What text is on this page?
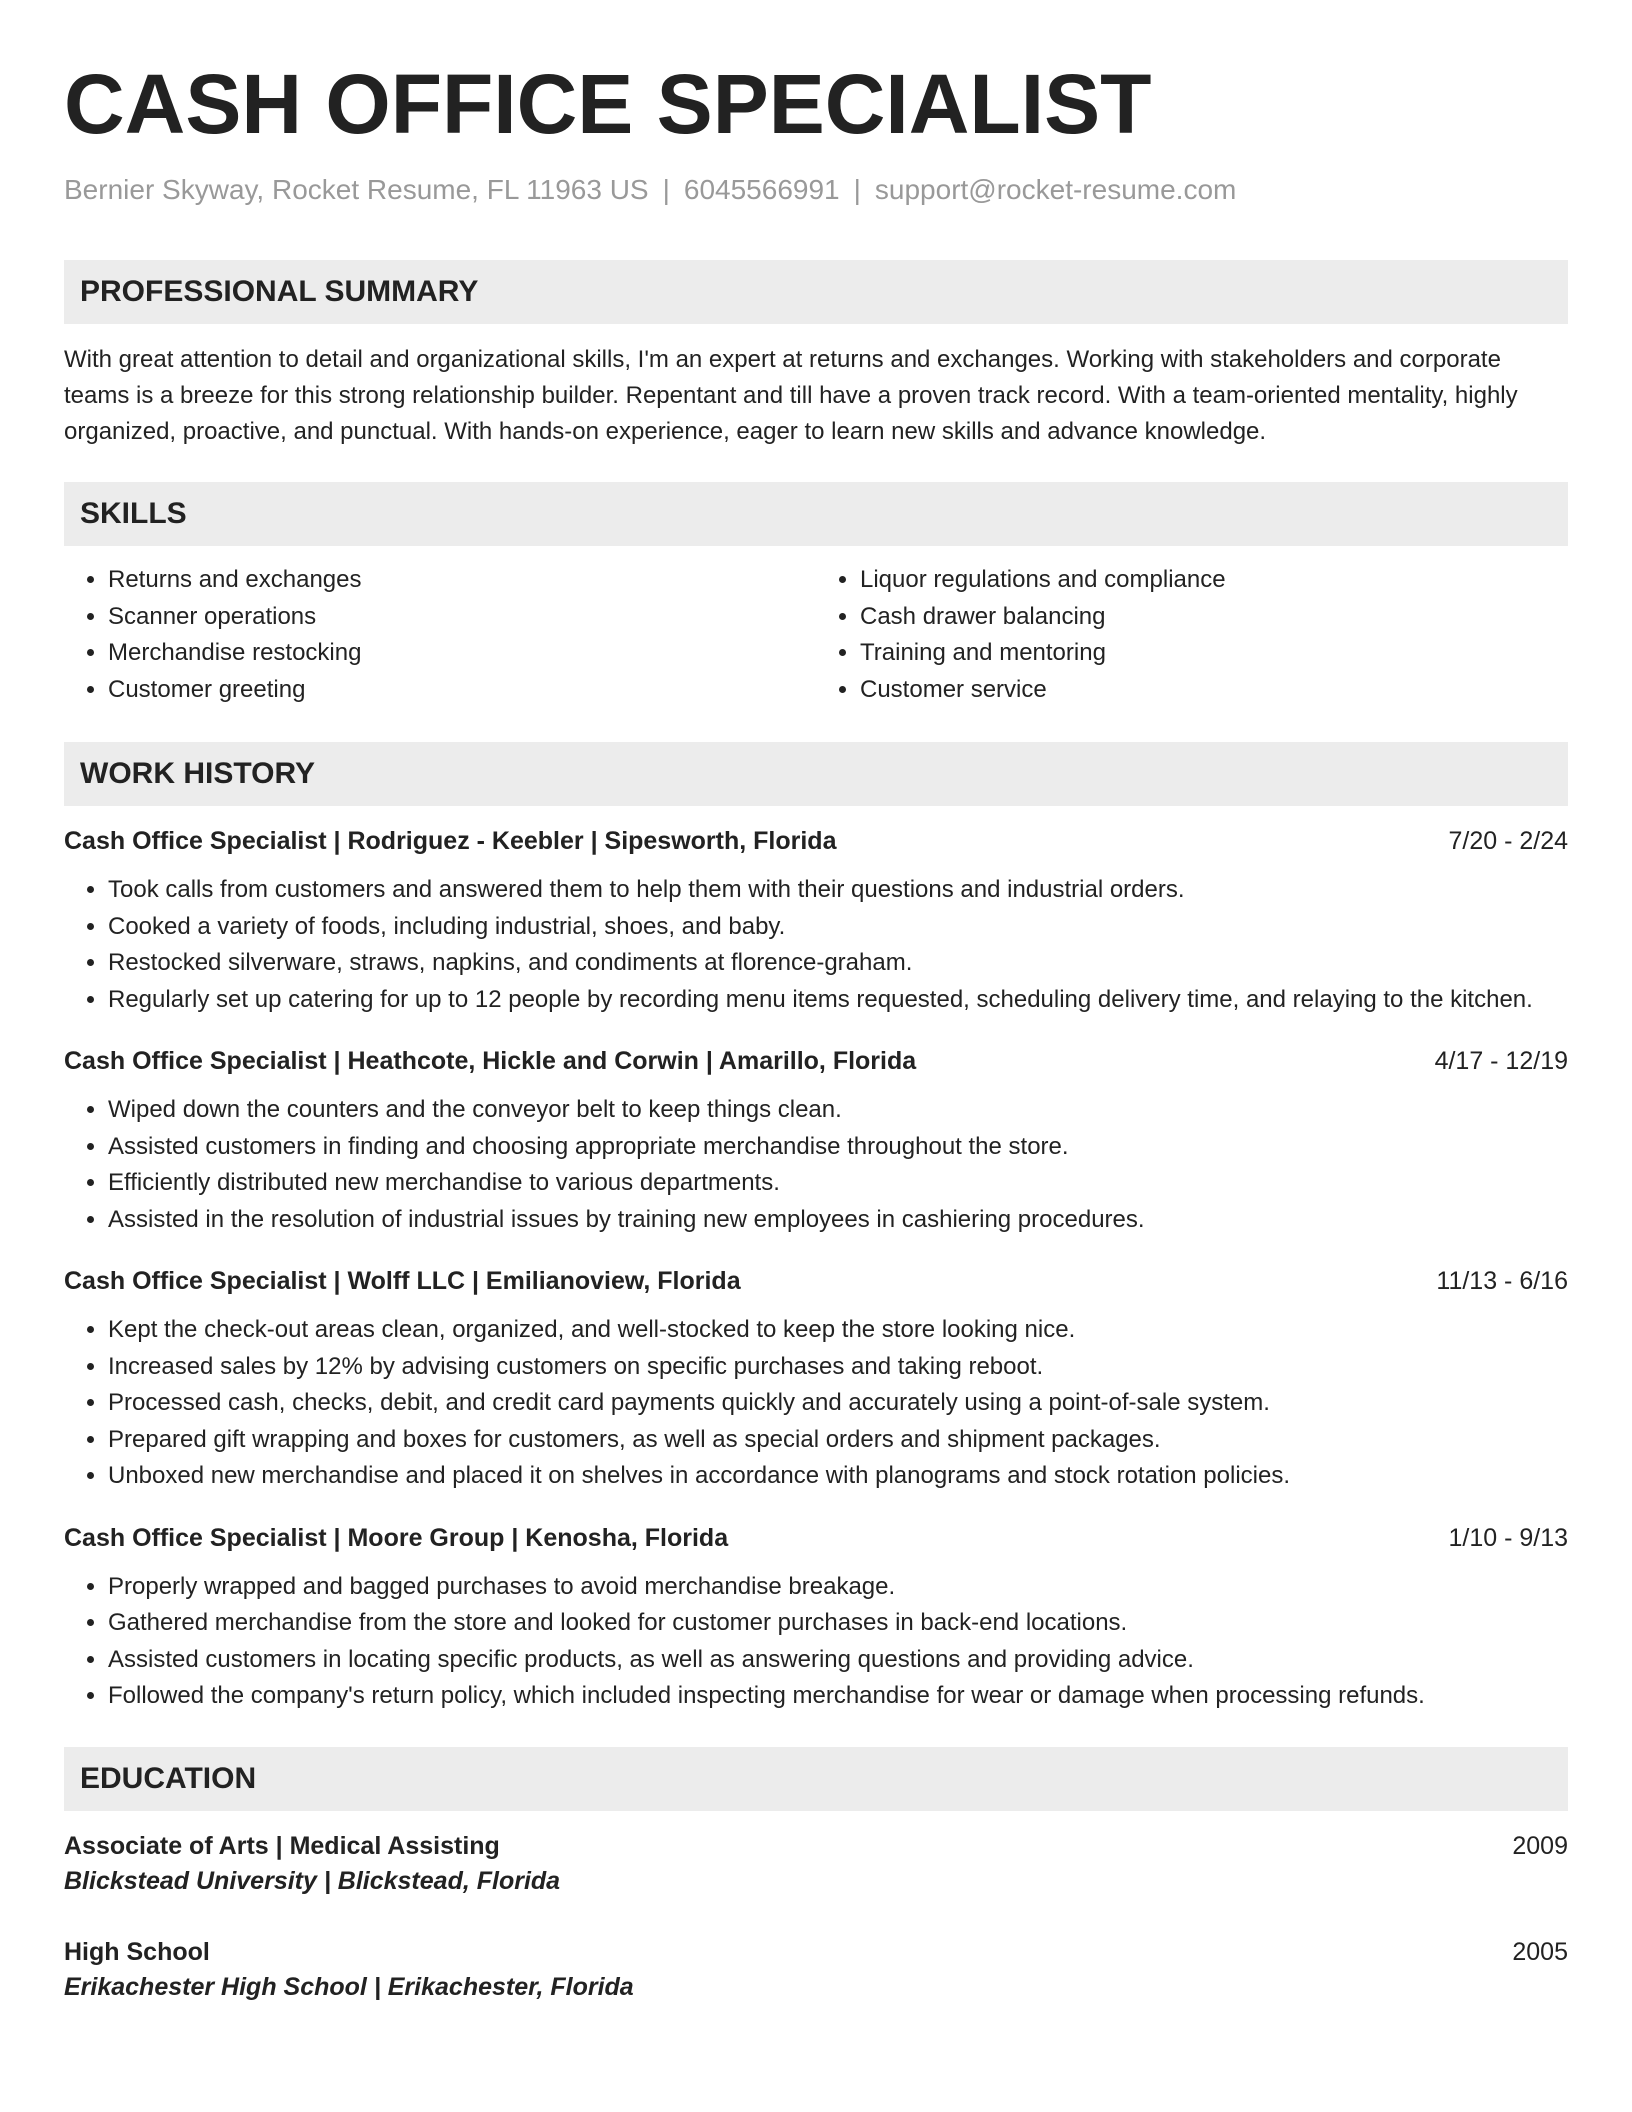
CASH OFFICE SPECIALIST
Bernier Skyway, Rocket Resume, FL 11963 US | 6045566991 | support@rocket-resume.com
PROFESSIONAL SUMMARY

With great attention to detail and organizational skills, I'm an expert at returns and exchanges. Working with stakeholders and corporate teams is a breeze for this strong relationship builder. Repentant and till have a proven track record. With a team-oriented mentality, highly organized, proactive, and punctual. With hands-on experience, eager to learn new skills and advance knowledge.

SKILLS
• Returns and exchanges
• Scanner operations
• Merchandise restocking
• Customer greeting
• Liquor regulations and compliance
• Cash drawer balancing
• Training and mentoring
• Customer service
WORK HISTORY
Cash Office Specialist | Rodriguez - Keebler | Sipesworth, Florida	7/20 - 2/24
• Took calls from customers and answered them to help them with their questions and industrial orders.
• Cooked a variety of foods, including industrial, shoes, and baby.
• Restocked silverware, straws, napkins, and condiments at florence-graham.
• Regularly set up catering for up to 12 people by recording menu items requested, scheduling delivery time, and relaying to the kitchen.
Cash Office Specialist | Heathcote, Hickle and Corwin | Amarillo, Florida	4/17 - 12/19
• Wiped down the counters and the conveyor belt to keep things clean.
• Assisted customers in finding and choosing appropriate merchandise throughout the store.
• Efficiently distributed new merchandise to various departments.
• Assisted in the resolution of industrial issues by training new employees in cashiering procedures.
Cash Office Specialist | Wolff LLC | Emilianoview, Florida	11/13 - 6/16
• Kept the check-out areas clean, organized, and well-stocked to keep the store looking nice.
• Increased sales by 12% by advising customers on specific purchases and taking reboot.
• Processed cash, checks, debit, and credit card payments quickly and accurately using a point-of-sale system.
• Prepared gift wrapping and boxes for customers, as well as special orders and shipment packages.
• Unboxed new merchandise and placed it on shelves in accordance with planograms and stock rotation policies.
Cash Office Specialist | Moore Group | Kenosha, Florida	1/10 - 9/13
• Properly wrapped and bagged purchases to avoid merchandise breakage.
• Gathered merchandise from the store and looked for customer purchases in back-end locations.
• Assisted customers in locating specific products, as well as answering questions and providing advice.
• Followed the company's return policy, which included inspecting merchandise for wear or damage when processing refunds.
EDUCATION
Associate of Arts | Medical Assisting	2009
Blickstead University | Blickstead, Florida
High School	2005
Erikachester High School | Erikachester, Florida
